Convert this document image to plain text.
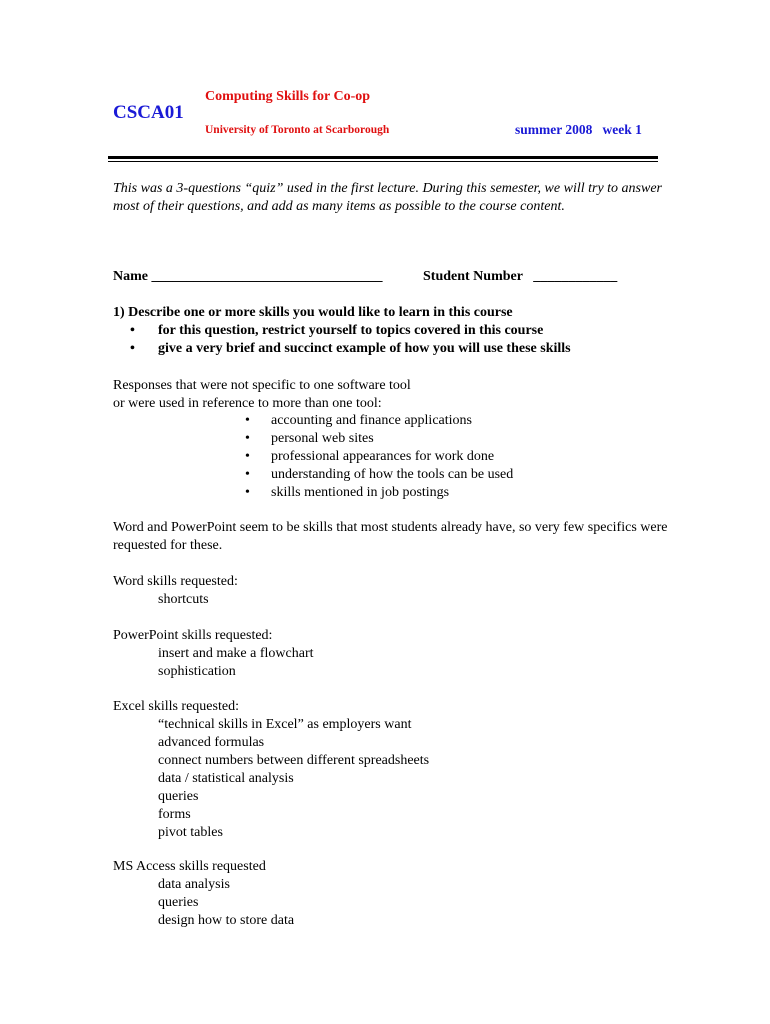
CSCA01
Computing Skills for Co-op
University of Toronto at Scarborough	summer 2008   week 1
This was a 3-questions “quiz” used in the first lecture. During this semester, we will try to answer most of their questions, and add as many items as possible to the course content.
Name _________________________________	Student Number   ____________
1) Describe one or more skills you would like to learn in this course
• for this question, restrict yourself to topics covered in this course
• give a very brief and succinct example of how you will use these skills
Responses that were not specific to one software tool
or were used in reference to more than one tool:
• accounting and finance applications
• personal web sites
• professional appearances for work done
• understanding of how the tools can be used
• skills mentioned in job postings
Word and PowerPoint seem to be skills that most students already have, so very few specifics were requested for these.
Word skills requested:
shortcuts
PowerPoint skills requested:
insert and make a flowchart
sophistication
Excel skills requested:
“technical skills in Excel” as employers want
advanced formulas
connect numbers between different spreadsheets
data / statistical analysis
queries
forms
pivot tables
MS Access skills requested
data analysis
queries
design how to store data
